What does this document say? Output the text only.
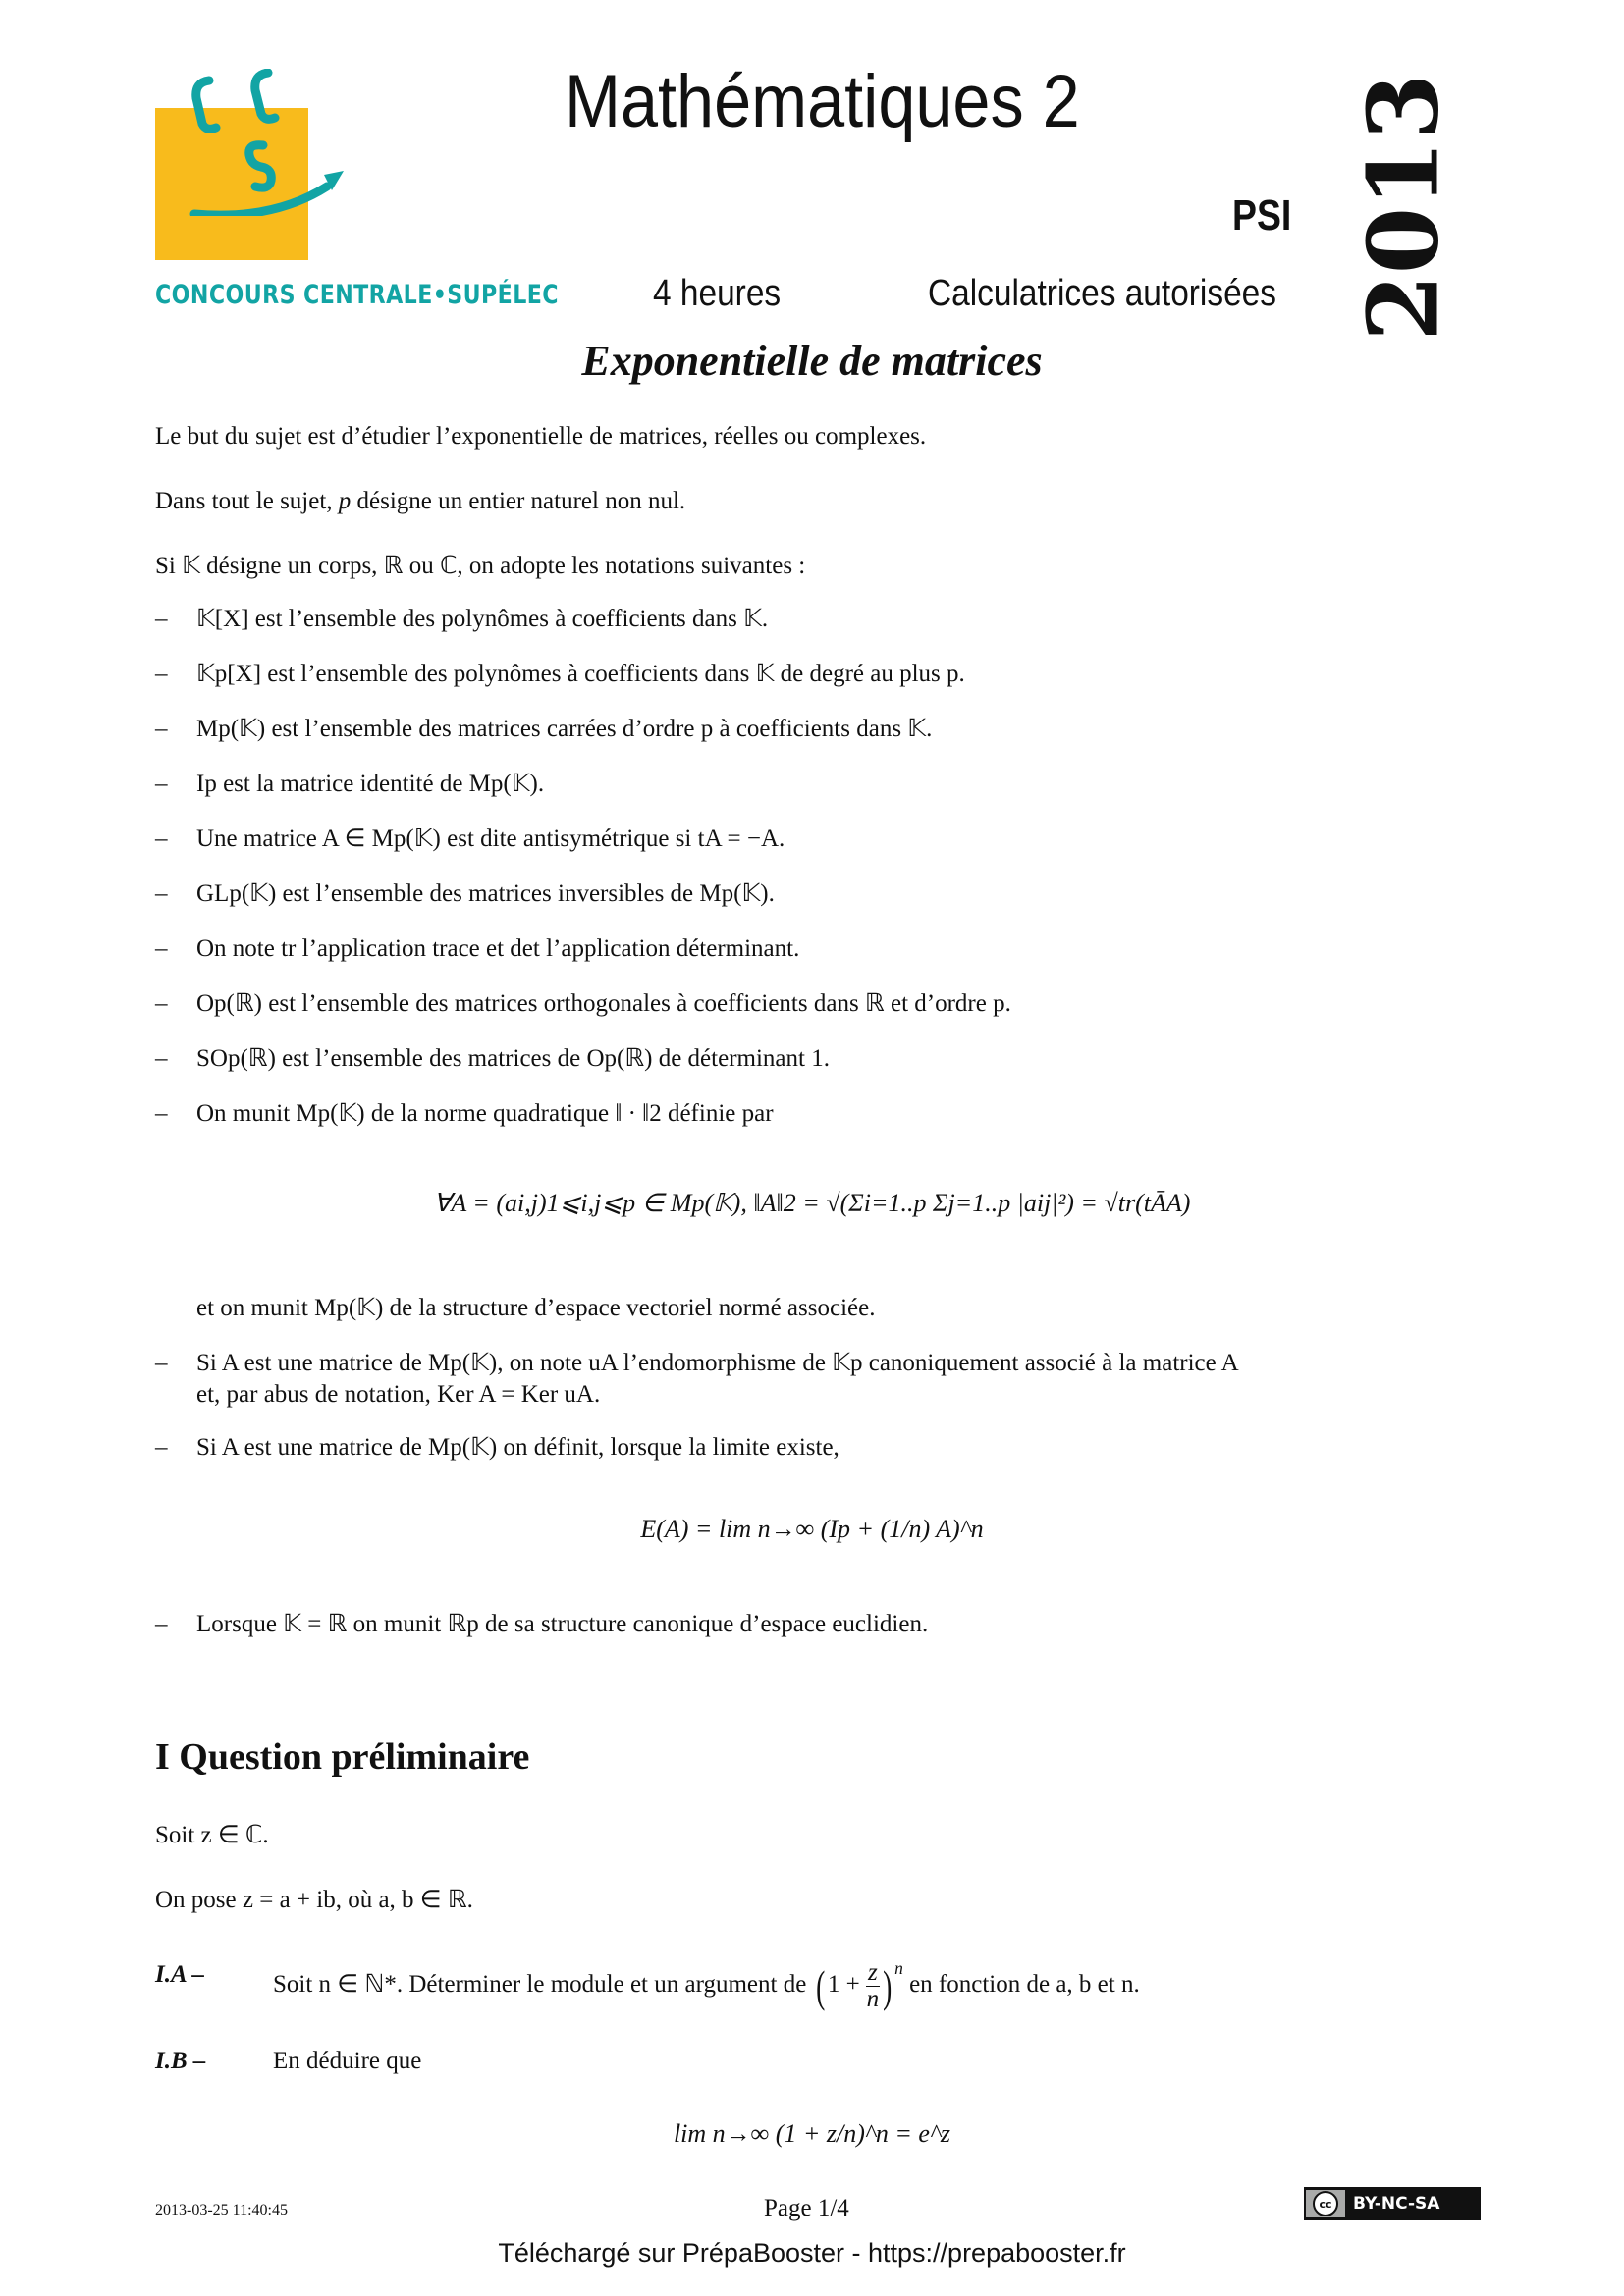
CONCOURS CENTRALE•SUPÉLEC
Mathématiques 2
PSI 2013
4 heures	Calculatrices autorisées
Exponentielle de matrices
Le but du sujet est d’étudier l’exponentielle de matrices, réelles ou complexes.
Dans tout le sujet, p désigne un entier naturel non nul.
Si 𝕂 désigne un corps, ℝ ou ℂ, on adopte les notations suivantes :
– 𝕂[X] est l’ensemble des polynômes à coefficients dans 𝕂.
– 𝕂p[X] est l’ensemble des polynômes à coefficients dans 𝕂 de degré au plus p.
– Mp(𝕂) est l’ensemble des matrices carrées d’ordre p à coefficients dans 𝕂.
– Ip est la matrice identité de Mp(𝕂).
– Une matrice A ∈ Mp(𝕂) est dite antisymétrique si tA = −A.
– GLp(𝕂) est l’ensemble des matrices inversibles de Mp(𝕂).
– On note tr l’application trace et det l’application déterminant.
– Op(ℝ) est l’ensemble des matrices orthogonales à coefficients dans ℝ et d’ordre p.
– SOp(ℝ) est l’ensemble des matrices de Op(ℝ) de déterminant 1.
– On munit Mp(𝕂) de la norme quadratique ‖ · ‖2 définie par
et on munit Mp(𝕂) de la structure d’espace vectoriel normé associée.
– Si A est une matrice de Mp(𝕂), on note uA l’endomorphisme de 𝕂p canoniquement associé à la matrice A
et, par abus de notation, Ker A = Ker uA.
– Si A est une matrice de Mp(𝕂) on définit, lorsque la limite existe,
– Lorsque 𝕂 = ℝ on munit ℝp de sa structure canonique d’espace euclidien.
∀A = (ai,j)1⩽i,j⩽p ∈ Mp(𝕂), ‖A‖2 = √(Σi=1..p Σj=1..p |aij|²) = √tr(tĀA)
E(A) = lim n→∞ (Ip + (1/n) A)^n
I Question préliminaire
Soit z ∈ ℂ.
On pose z = a + ib, où a, b ∈ ℝ.
I.A –	Soit n ∈ ℕ*. Déterminer le module et un argument de ( $1 + \frac{z}{n}$ ) $^n$ en fonction de a, b et n.
I.B –	En déduire que
lim n→∞ (1 + z/n)^n = e^z
2013-03-25 11:40:45	Page 1/4	cc	BY-NC-SA
Téléchargé sur PrépaBooster - https://prepabooster.fr
